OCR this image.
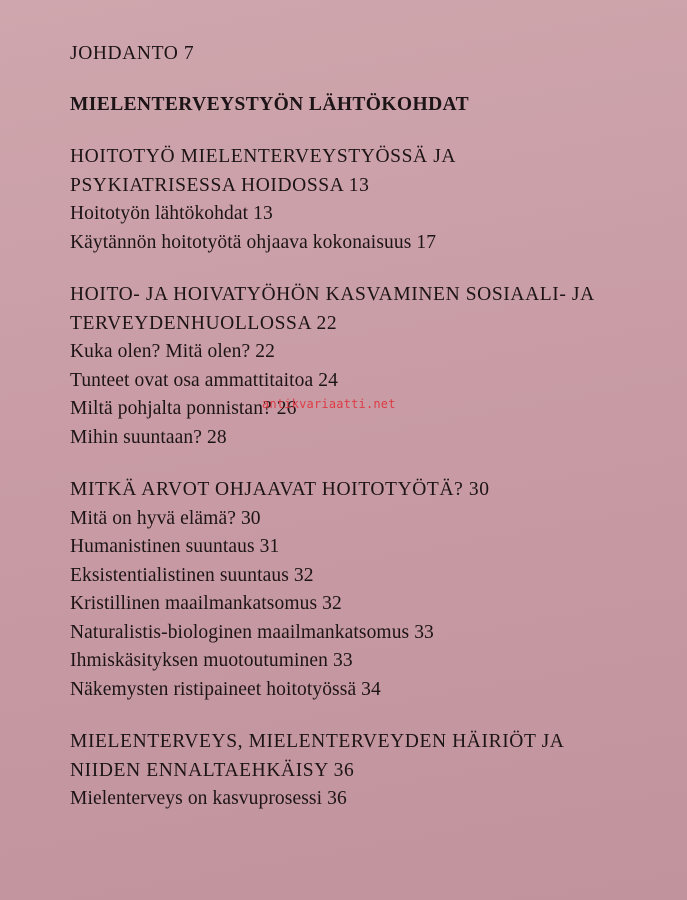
JOHDANTO 7
MIELENTERVEYSTYÖN LÄHTÖKOHDAT
HOITOTYÖ MIELENTERVEYSTYÖSSÄ JA
PSYKIATRISESSA HOIDOSSA 13
Hoitotyön lähtökohdat 13
Käytännön hoitotyötä ohjaava kokonaisuus 17
HOITO- JA HOIVATYÖHÖN KASVAMINEN SOSIAALI- JA
TERVEYDENHUOLLOSSA 22
Kuka olen? Mitä olen? 22
Tunteet ovat osa ammattitaitoa 24
Miltä pohjalta ponnistan? 26
Mihin suuntaan? 28
MITKÄ ARVOT OHJAAVAT HOITOTYÖTÄ? 30
Mitä on hyvä elämä? 30
Humanistinen suuntaus 31
Eksistentialistinen suuntaus 32
Kristillinen maailmankatsomus 32
Naturalistis-biologinen maailmankatsomus 33
Ihmiskäsityksen muotoutuminen 33
Näkemysten ristipaineet hoitotyössä 34
MIELENTERVEYS, MIELENTERVEYDEN HÄIRIÖT JA
NIIDEN ENNALTAEHKÄISY 36
Mielenterveys on kasvuprosessi 36
antikvariaatti.net
